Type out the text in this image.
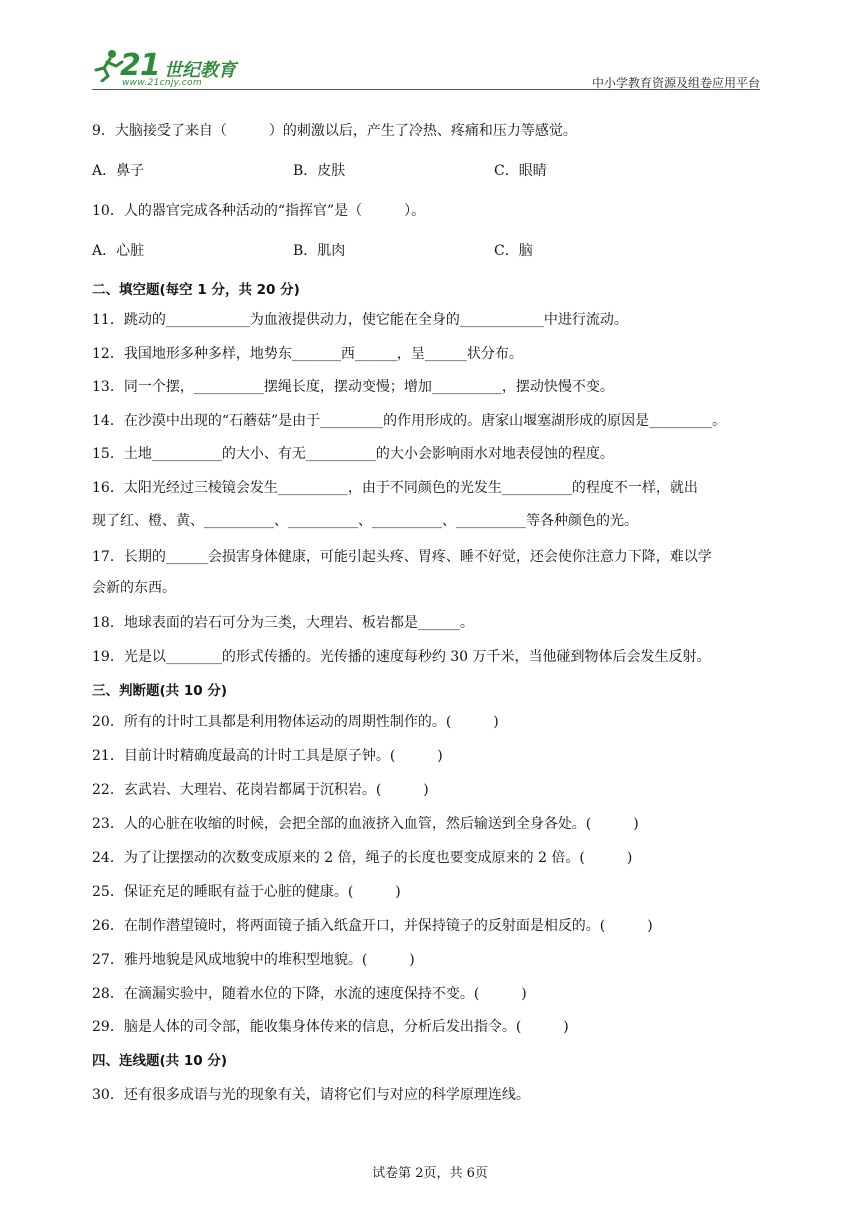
21 世纪教育
www.21cnjy.com	中小学教育资源及组卷应用平台
9．大脑接受了来自（　　　）的刺激以后，产生了冷热、疼痛和压力等感觉。
A．鼻子	B．皮肤	C．眼睛
10．人的器官完成各种活动的“指挥官”是（　　　）。
A．心脏	B．肌肉	C．脑
二、填空题(每空 1 分，共 20 分)
11．跳动的____________为血液提供动力，使它能在全身的____________中进行流动。
12．我国地形多种多样，地势东_______西______，呈______状分布。
13．同一个摆，__________摆绳长度，摆动变慢；增加__________，摆动快慢不变。
14．在沙漠中出现的“石蘑菇”是由于_________的作用形成的。唐家山堰塞湖形成的原因是_________。
15．土地__________的大小、有无__________的大小会影响雨水对地表侵蚀的程度。
16．太阳光经过三棱镜会发生__________，由于不同颜色的光发生__________的程度不一样，就出
现了红、橙、黄、__________、__________、__________、__________等各种颜色的光。
17．长期的______会损害身体健康，可能引起头疼、胃疼、睡不好觉，还会使你注意力下降，难以学
会新的东西。
18．地球表面的岩石可分为三类，大理岩、板岩都是______。
19．光是以________的形式传播的。光传播的速度每秒约 30 万千米，当他碰到物体后会发生反射。
三、判断题(共 10 分)
20．所有的计时工具都是利用物体运动的周期性制作的。(　　　)
21．目前计时精确度最高的计时工具是原子钟。(　　　)
22．玄武岩、大理岩、花岗岩都属于沉积岩。(　　　)
23．人的心脏在收缩的时候，会把全部的血液挤入血管，然后输送到全身各处。(　　　)
24．为了让摆摆动的次数变成原来的 2 倍，绳子的长度也要变成原来的 2 倍。(　　　)
25．保证充足的睡眠有益于心脏的健康。(　　　)
26．在制作潜望镜时，将两面镜子插入纸盒开口，并保持镜子的反射面是相反的。(　　　)
27．雅丹地貌是风成地貌中的堆积型地貌。(　　　)
28．在滴漏实验中，随着水位的下降，水流的速度保持不变。(　　　)
29．脑是人体的司令部，能收集身体传来的信息，分析后发出指令。(　　　)
四、连线题(共 10 分)
30．还有很多成语与光的现象有关，请将它们与对应的科学原理连线。
试卷第 2页，共 6页
